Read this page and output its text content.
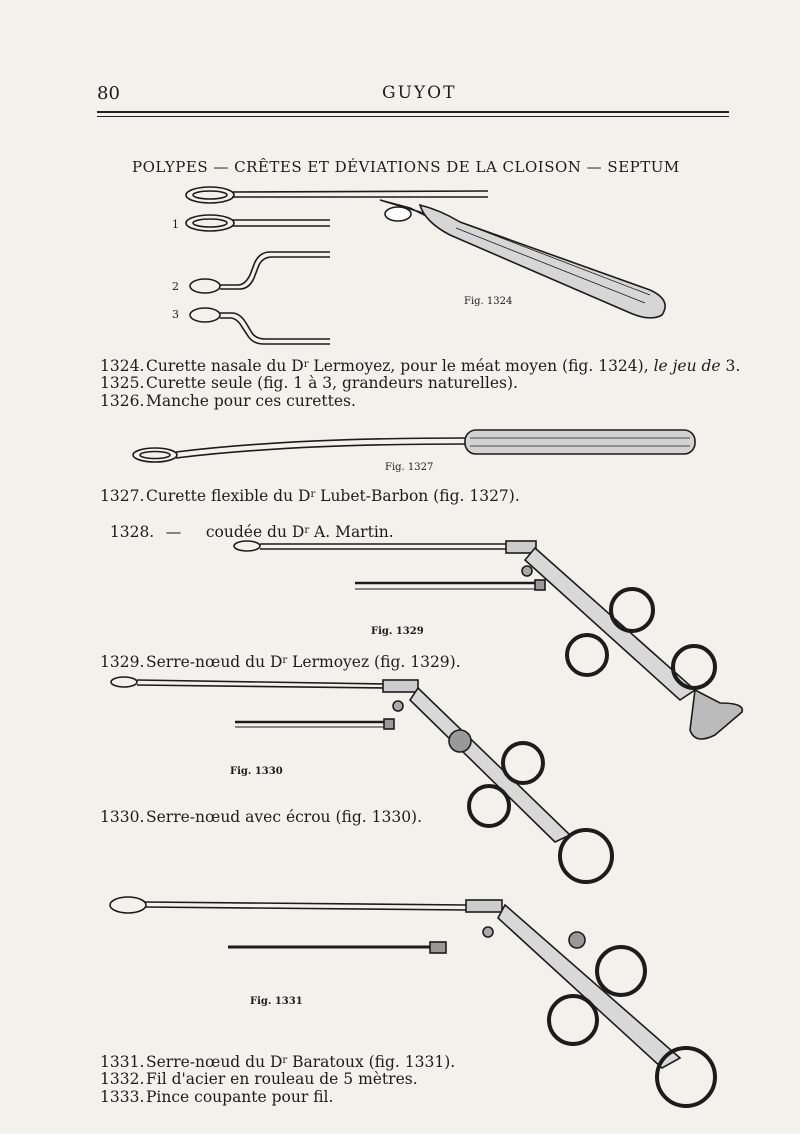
80	GUYOT
POLYPES — CRÊTES ET DÉVIATIONS DE LA CLOISON — SEPTUM
1
2
3
Fig. 1324
Fig. 1327
Fig. 1329
Fig. 1330
Fig. 1331
1324. Curette nasale du $D^r$ Lermoyez, pour le méat moyen (fig. 1324), le jeu de 3.
1325. Curette seule (fig. 1 à 3, grandeurs naturelles).
1326. Manche pour ces curettes.
1327. Curette flexible du $D^r$ Lubet-Barbon (fig. 1327).

1328.  —     coudée du $D^r$ A. Martin.

1329. Serre-nœud du $D^r$ Lermoyez (fig. 1329).
1330. Serre-nœud avec écrou (fig. 1330).
1331. Serre-nœud du $D^r$ Baratoux (fig. 1331).
1332. Fil d'acier en rouleau de 5 mètres.
1333. Pince coupante pour fil.
